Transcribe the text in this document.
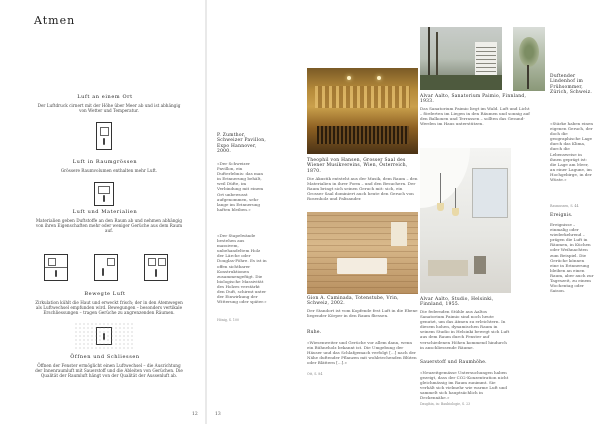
Atmen
Luft an einem Ort
Der Luftdruck cirnert mit der Höhe über Meer ab und ist abhängig von Wetter und Temperatur.
Luft in Raumgrössen
Grössere Raumvolumen enthalten mehr Luft.
Luft und Materialien
Materialien geben Duftstoffe an den Raum ab und nehmen abhängig von ihren Eigenschaften mehr oder weniger Gerüche aus dem Raum auf.
Bewegte Luft
Zirkulation kühlt die Haut und erweckt frisch; der in den Atemwegen als Luftwechsel empfunden wird. Bewegungen – besonders vertikale Erschliessungen – tragen Gerüche zu angrenzenden Räumen.
Öffnen und Schliessen
Öffnen der Fenster ermöglicht einen Luftwechsel – die Ausrichtung der Innenraumluft mit Sauerstoff und die Ableiten von Gerüchen. Die Qualität der Raumluft hängt von der Qualität der Aussenluft ab.
12
P. Zumthor, Schweizer Pavillon, Expo Hannover, 2000.
«Der Schweizer Pavillon, ein Dufterlebnis: das man in Erinnerung behält, weil Düfte, im Verbindung mit einem Ort unbewusst aufgenommen, sehr lange im Erinnerung haften bleiben.»
«Der Stapelwände bestehen aus massivem, unbehandeltem Holz der Lärche oder Douglas-Föhre. Es ist in offen sichtbarer Konstruktionen zusammengefügt. Die biologische Massivität des Holzes verstärkt den Duft, schirmt unter der Einwirkung der Witterung oder später.»
Hönig, S. 100
Theophil von Hansen, Grosser Saal des Wiener Musikvereins, Wien, Österreich, 1870.
Die Akustik entsteht aus der Musik, dem Raum – den Materialien in ihrer Form – und den Besuchern. Der Raum bringt sich seinen Geruch mit: sich, ein Grosser Saal dominiert auch heute den Geruch von Rosenholz und Palisander.
Gion A. Caminada, Totenstube, Vrin, Schweiz, 2002.
Der Standort ist vom Kopfende fest Luft in die Ebene liegender Körper in den Raum fliessen.
Ruhe.
«Wiesenweiter und Gerüche vor allem dann, wenn ein Bühneholz bekannt ist. Die Umgebung der Häuser und das Schlafgemach verfolgt [...] nach der Nähe duftender Pflanzen mit wohlriechenden Blüten oder Blättern [...].»
Ott, S. 84
Alvar Aalto, Sanatorium Paimio, Finnland, 1933.
Das Sanatorium Paimio liegt im Wald. Luft und Licht – förderten im Liegen in den Räumen und sonnig auf den Balkonen und Terrassen – sollten das Gesund-Werden im Haus unterstützen.
Alvar Aalto, Studio, Helsinki, Finnland, 1955.
Die federnden Stühle aus Aaltos Sanatorium Paimio sind noch heute genutzt, um das Atmen zu erleichtern. In diesem hohen, dynamischen Raum in seinem Studio in Helsinki bewegt sich Luft aus dem Raum durch Fenster auf verschiedenen Höhen kommend hindurch in anschliessende Räume.
Sauerstoff und Raumhöhe.
«Neuzeitgemässe Untersuchungen haben gezeigt, dass der CO2-Konzentration nicht gleichmässig im Raum zunimmt. Sie verhält sich vielmehr wie warme Luft und sammelt sich hauptsächlich in Deckennähe.»
Dauphin, in: Baubiologie, S. 23
Duftender Lindenhof im Frühsommer, Zürich, Schweiz.
«Stärke haben einen eigenen Geruch, der doch die geographische Lage durch das Klima, durch die Lebensweise in ihnen geprägt ist: die Lage am Meer, an einer Lagune, im Hochgebirge, in der Wüste.»
Rasmussen, S. 44
Ereignis.
Ereignisse – einmalig oder wiederkehrend – prägen die Luft in Räumen, in Küchen oder Weihnachten zum Beispiel. Die Gerüche können eine in Erinnerung bleiben an einen Raum, aber auch zur Tageszeit, zu einem Wochentag oder Saison.
13
